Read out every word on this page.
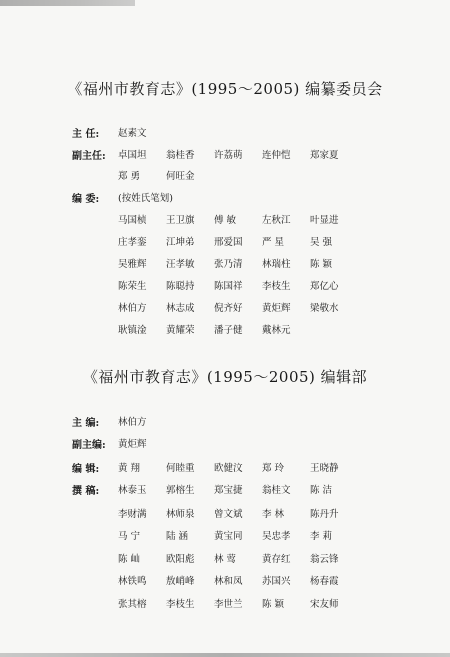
《福州市教育志》(1995～2005) 编纂委员会
主 任: 赵素文
副主任: 卓国坦	翁桂香	许荔萌	连仲恺	郑家夏
郑 勇	何旺金
编 委: (按姓氏笔划)
马国桢	王卫旗	傅 敏	左秋江	叶显进
庄孝銮	江坤弟	邢爱国	严 星	吴 强
吴雅辉	汪孝敏	张乃清	林瑞柱	陈 颖
陈荣生	陈聪持	陈国祥	李枝生	郑亿心
林伯方	林志成	倪齐好	黄炬辉	梁敬水
耿镇淦	黄耀荣	潘子健	戴林元
《福州市教育志》(1995～2005) 编辑部
主 编: 林伯方
副主编: 黄炬辉
编 辑: 黄 翔	何睦重	欧健汶	郑 玲	王晓静
撰 稿: 林泰玉	郭榕生	郑宝捷	翁桂文	陈 洁
李财满	林师泉	曾文斌	李 林	陈丹升
马 宁	陆 涵	黄宝同	吴忠孝	李 莉
陈 屾	欧阳彪	林 莺	黄存红	翁云锋
林铁鸣	敖峭峰	林和凤	苏国兴	杨春霞
张其榕	李枝生	李世兰	陈 颖	宋友师
